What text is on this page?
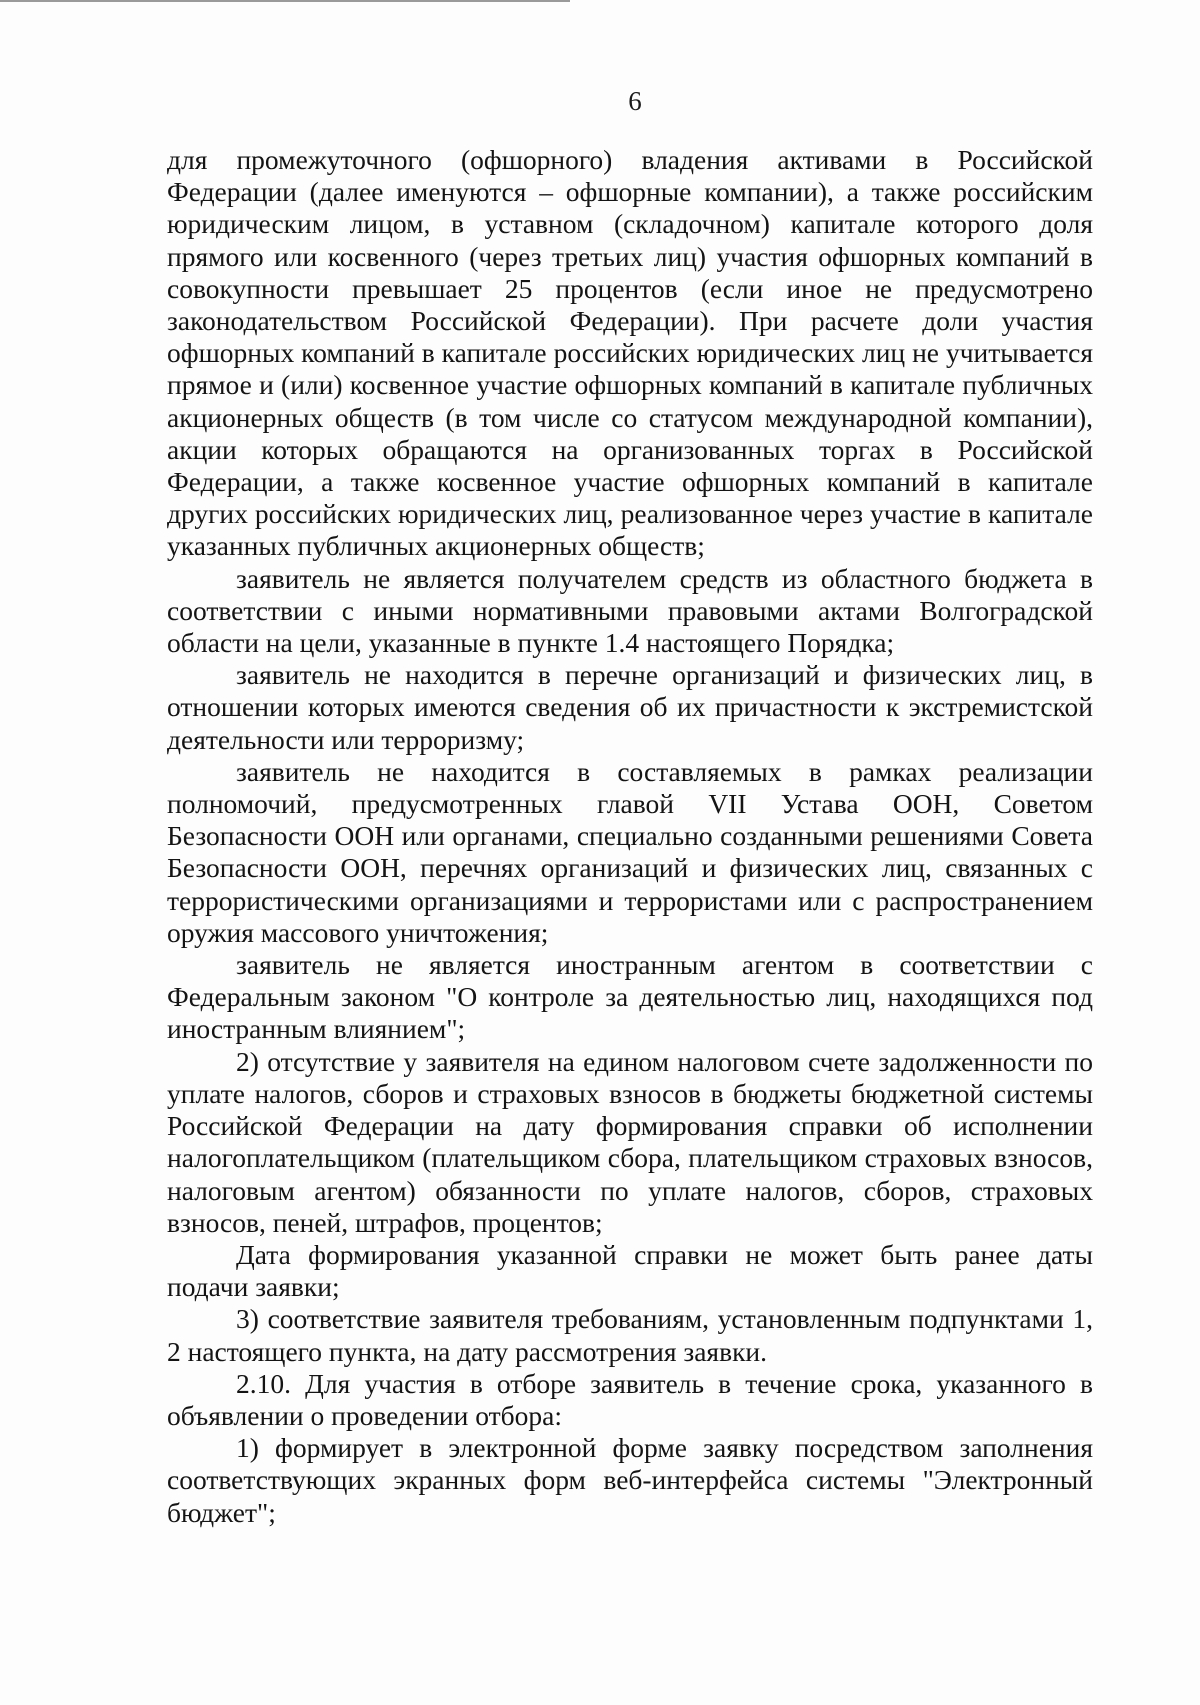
6

для промежуточного (офшорного) владения активами в Российской Федерации (далее именуются – офшорные компании), а также российским юридическим лицом, в уставном (складочном) капитале которого доля прямого или косвенного (через третьих лиц) участия офшорных компаний в совокупности превышает 25 процентов (если иное не предусмотрено законодательством Российской Федерации). При расчете доли участия офшорных компаний в капитале российских юридических лиц не учитывается прямое и (или) косвенное участие офшорных компаний в капитале публичных акционерных обществ (в том числе со статусом международной компании), акции которых обращаются на организованных торгах в Российской Федерации, а также косвенное участие офшорных компаний в капитале других российских юридических лиц, реализованное через участие в капитале указанных публичных акционерных обществ;

заявитель не является получателем средств из областного бюджета в соответствии с иными нормативными правовыми актами Волгоградской области на цели, указанные в пункте 1.4 настоящего Порядка;

заявитель не находится в перечне организаций и физических лиц, в отношении которых имеются сведения об их причастности к экстремистской деятельности или терроризму;

заявитель не находится в составляемых в рамках реализации полномочий, предусмотренных главой VII Устава ООН, Советом Безопасности ООН или органами, специально созданными решениями Совета Безопасности ООН, перечнях организаций и физических лиц, связанных с террористическими организациями и террористами или с распространением оружия массового уничтожения;

заявитель не является иностранным агентом в соответствии с Федеральным законом "О контроле за деятельностью лиц, находящихся под иностранным влиянием";

2) отсутствие у заявителя на едином налоговом счете задолженности по уплате налогов, сборов и страховых взносов в бюджеты бюджетной системы Российской Федерации на дату формирования справки об исполнении налогоплательщиком (плательщиком сбора, плательщиком страховых взносов, налоговым агентом) обязанности по уплате налогов, сборов, страховых взносов, пеней, штрафов, процентов;

Дата формирования указанной справки не может быть ранее даты подачи заявки;

3) соответствие заявителя требованиям, установленным подпунктами 1, 2 настоящего пункта, на дату рассмотрения заявки.

2.10. Для участия в отборе заявитель в течение срока, указанного в объявлении о проведении отбора:

1) формирует в электронной форме заявку посредством заполнения соответствующих экранных форм веб-интерфейса системы "Электронный бюджет";
